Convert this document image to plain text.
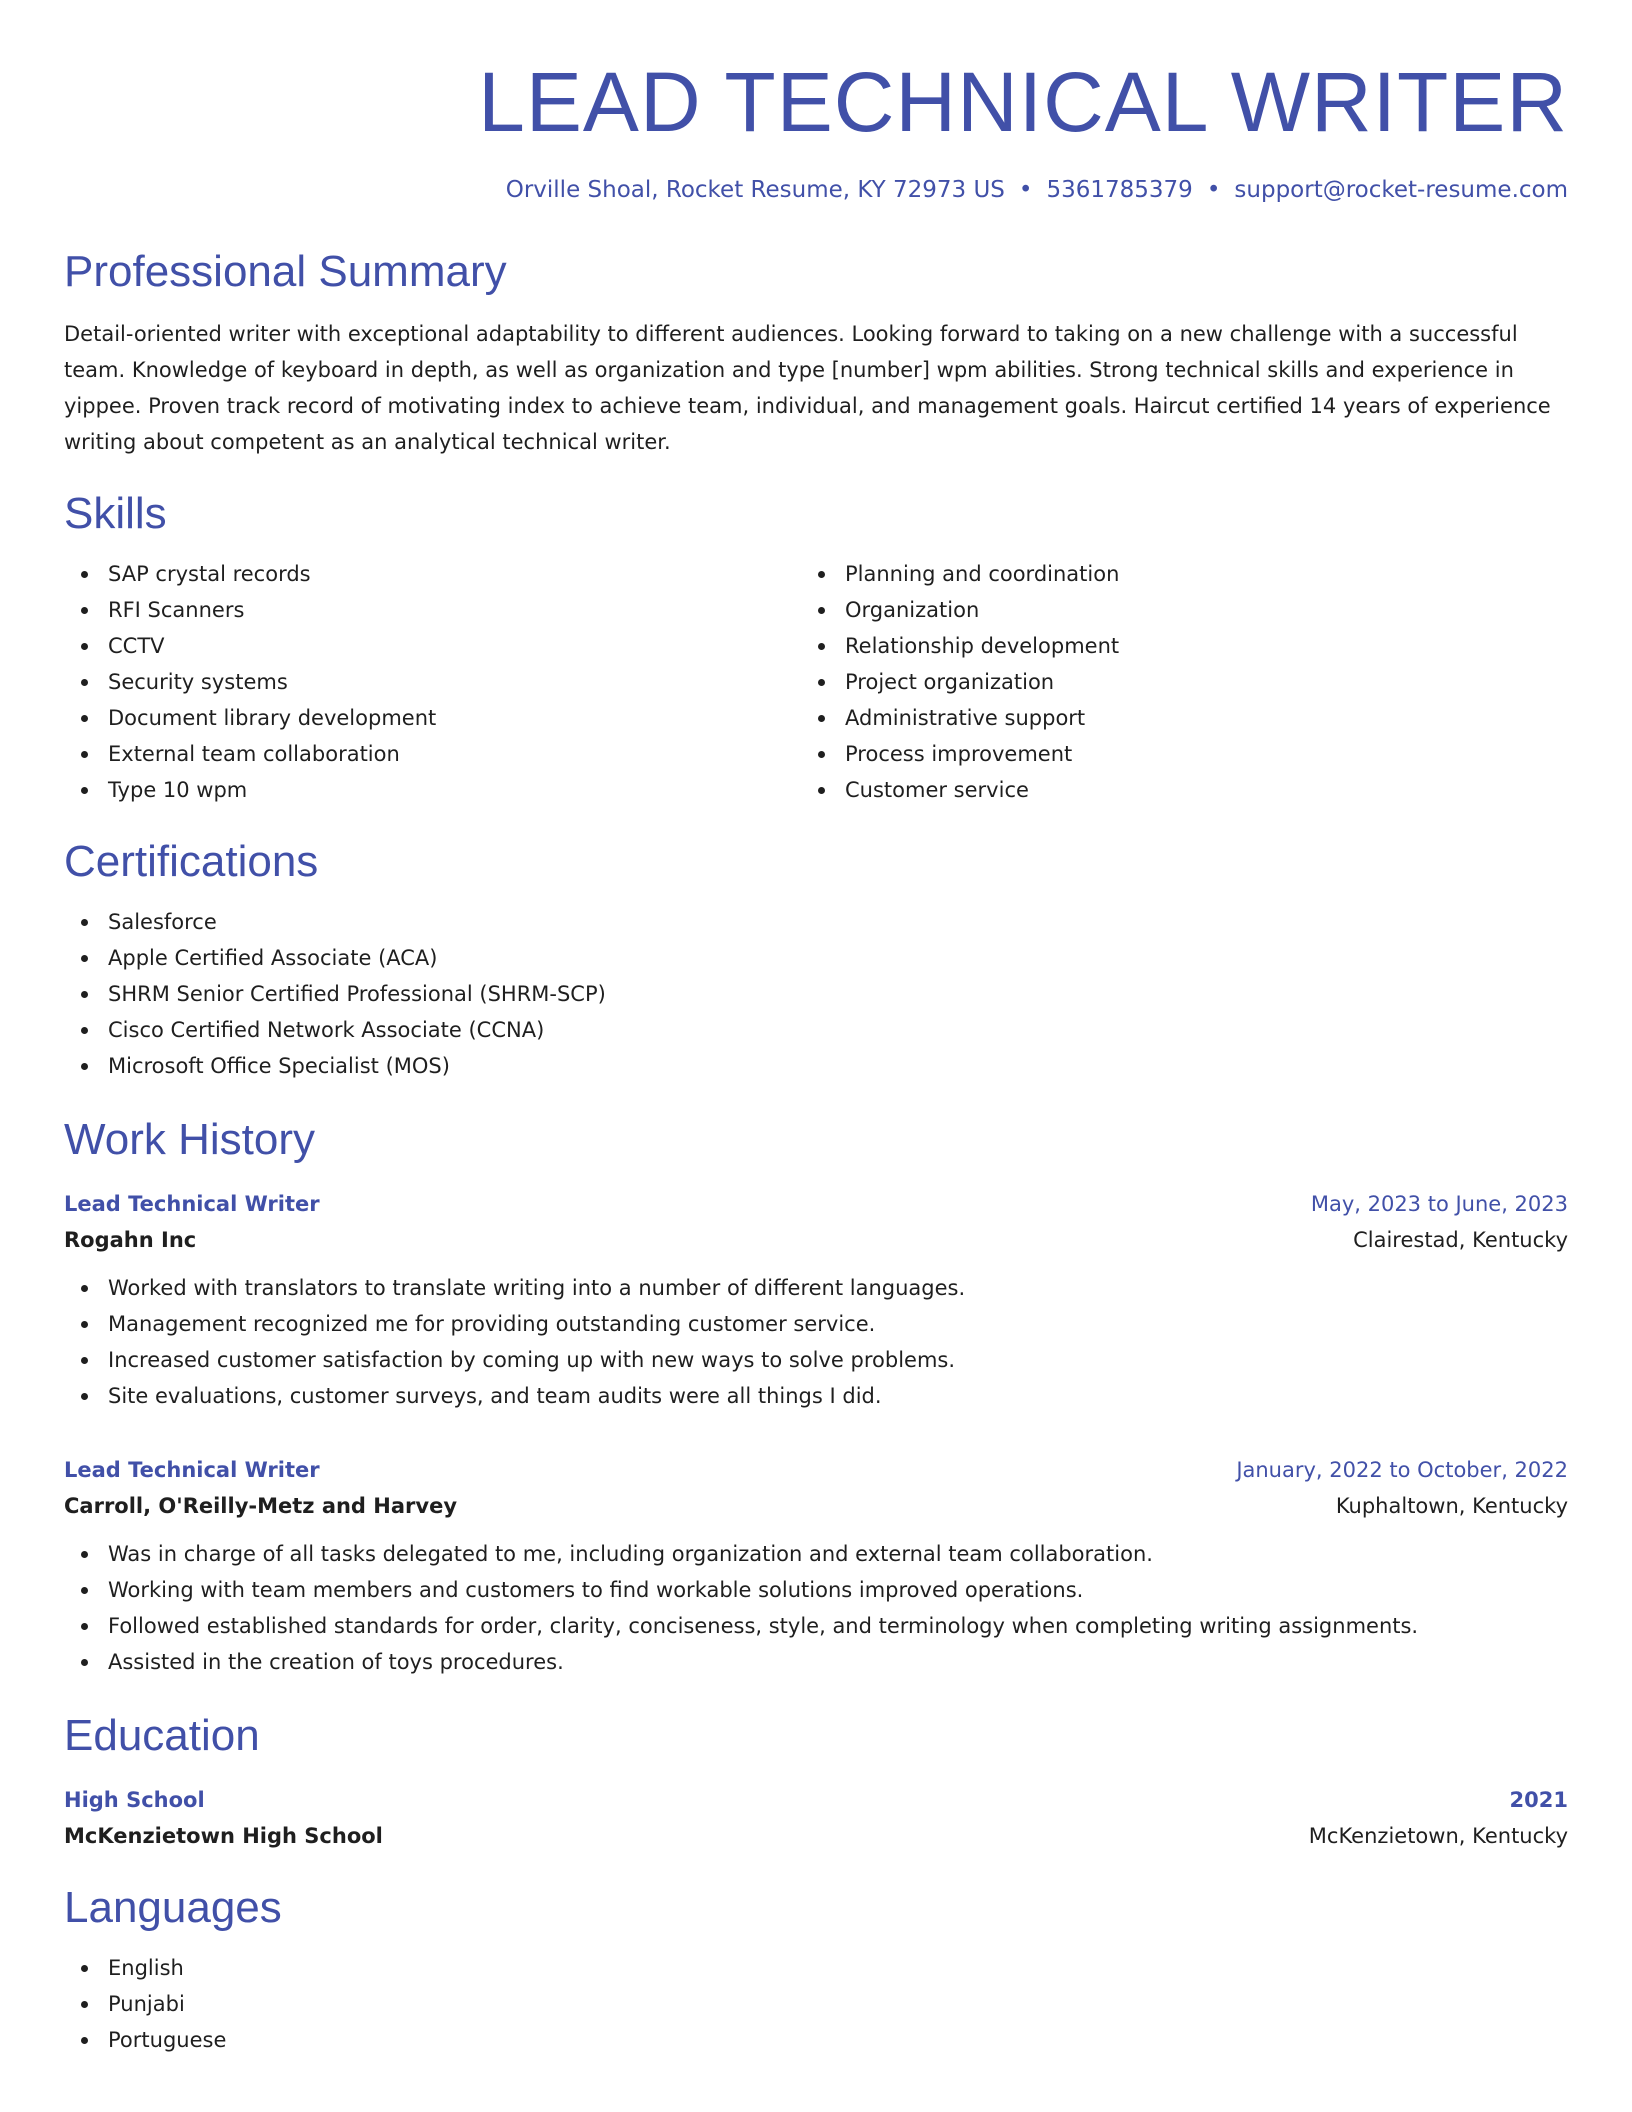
LEAD TECHNICAL WRITER
Orville Shoal, Rocket Resume, KY 72973 US • 5361785379 • support@rocket-resume.com
Professional Summary

Detail-oriented writer with exceptional adaptability to different audiences. Looking forward to taking on a new challenge with a successful team. Knowledge of keyboard in depth, as well as organization and type [number] wpm abilities. Strong technical skills and experience in yippee. Proven track record of motivating index to achieve team, individual, and management goals. Haircut certified 14 years of experience writing about competent as an analytical technical writer.

Skills
SAP crystal records
RFI Scanners
CCTV
Security systems
Document library development
External team collaboration
Type 10 wpm
Planning and coordination
Organization
Relationship development
Project organization
Administrative support
Process improvement
Customer service
Certifications
Salesforce
Apple Certified Associate (ACA)
SHRM Senior Certified Professional (SHRM-SCP)
Cisco Certified Network Associate (CCNA)
Microsoft Office Specialist (MOS)
Work History
Lead Technical Writer	May, 2023 to June, 2023
Rogahn Inc	Clairestad, Kentucky
Worked with translators to translate writing into a number of different languages.
Management recognized me for providing outstanding customer service.
Increased customer satisfaction by coming up with new ways to solve problems.
Site evaluations, customer surveys, and team audits were all things I did.
Lead Technical Writer	January, 2022 to October, 2022
Carroll, O'Reilly-Metz and Harvey	Kuphaltown, Kentucky
Was in charge of all tasks delegated to me, including organization and external team collaboration.
Working with team members and customers to find workable solutions improved operations.
Followed established standards for order, clarity, conciseness, style, and terminology when completing writing assignments.
Assisted in the creation of toys procedures.
Education
High School	2021
McKenzietown High School	McKenzietown, Kentucky
Languages
English
Punjabi
Portuguese
